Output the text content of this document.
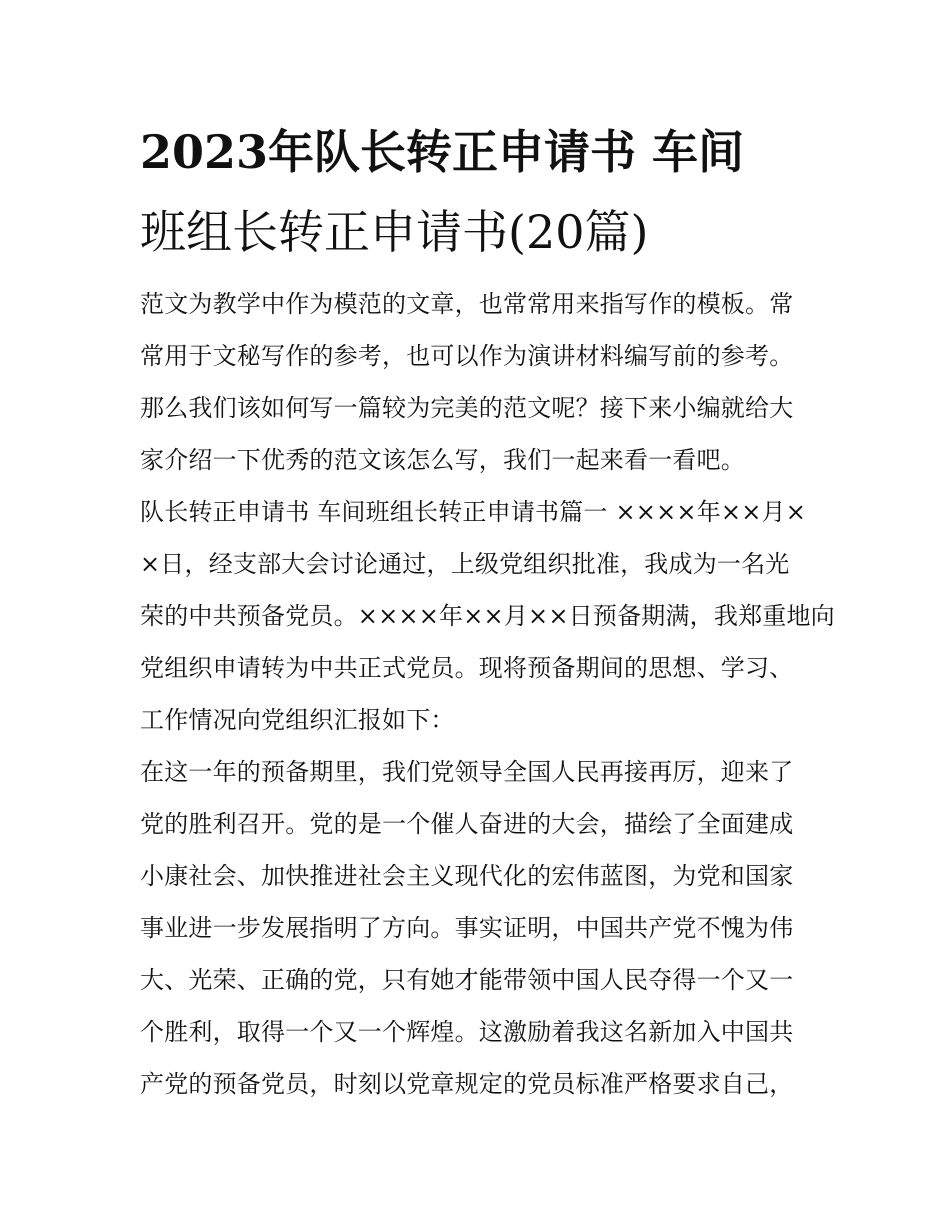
2023年队长转正申请书 车间
班组长转正申请书(20篇)
范文为教学中作为模范的文章，也常常用来指写作的模板。常
常用于文秘写作的参考，也可以作为演讲材料编写前的参考。
那么我们该如何写一篇较为完美的范文呢？接下来小编就给大
家介绍一下优秀的范文该怎么写，我们一起来看一看吧。
队长转正申请书 车间班组长转正申请书篇一 ××××年××月×
×日，经支部大会讨论通过，上级党组织批准，我成为一名光
荣的中共预备党员。××××年××月××日预备期满，我郑重地向
党组织申请转为中共正式党员。现将预备期间的思想、学习、
工作情况向党组织汇报如下：
在这一年的预备期里，我们党领导全国人民再接再厉，迎来了
党的胜利召开。党的是一个催人奋进的大会，描绘了全面建成
小康社会、加快推进社会主义现代化的宏伟蓝图，为党和国家
事业进一步发展指明了方向。事实证明，中国共产党不愧为伟
大、光荣、正确的党，只有她才能带领中国人民夺得一个又一
个胜利，取得一个又一个辉煌。这激励着我这名新加入中国共
产党的预备党员，时刻以党章规定的党员标准严格要求自己，
